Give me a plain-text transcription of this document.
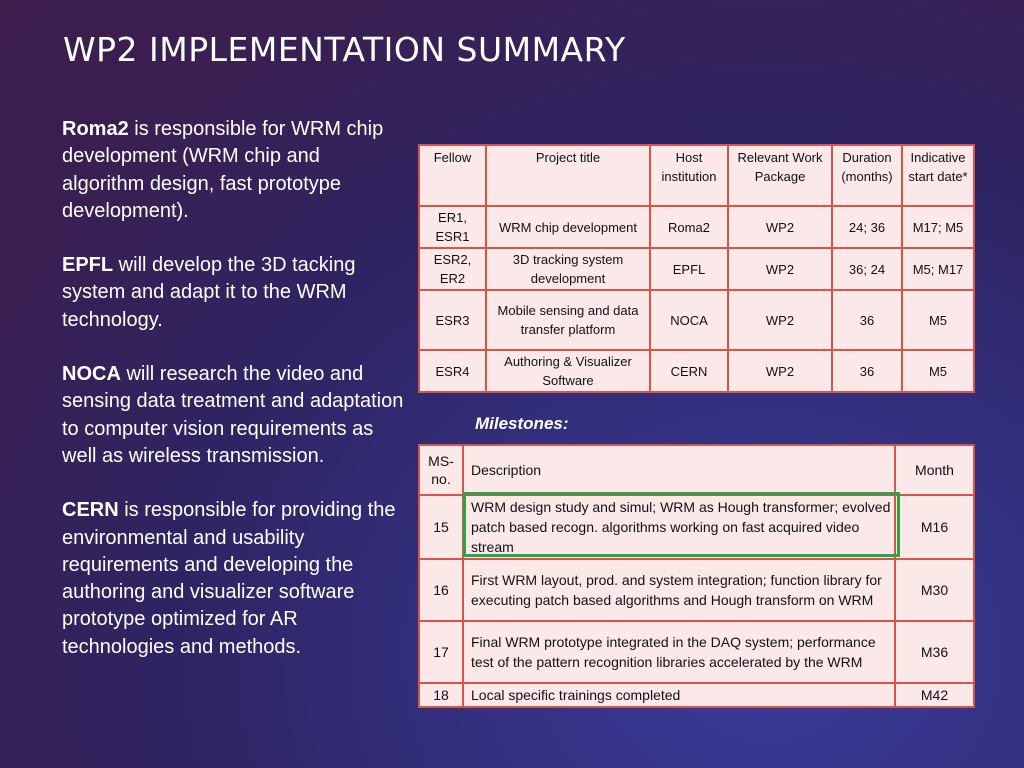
WP2 IMPLEMENTATION SUMMARY

Roma2 is responsible for WRM chip development (WRM chip and algorithm design, fast prototype development).

EPFL will develop the 3D tacking system and adapt it to the WRM technology.

NOCA will research the video and sensing data treatment and adaptation to computer vision requirements as well as wireless transmission.

CERN is responsible for providing the environmental and usability requirements and developing the authoring and visualizer software prototype optimized for AR technologies and methods.

Fellow	Project title	Host institution	Relevant Work Package	Duration (months)	Indicative start date*
ER1, ESR1	WRM chip development	Roma2	WP2	24; 36	M17; M5
ESR2, ER2	3D tracking system development	EPFL	WP2	36; 24	M5; M17
ESR3	Mobile sensing and data transfer platform	NOCA	WP2	36	M5
ESR4	Authoring & Visualizer Software	CERN	WP2	36	M5
Milestones:
MS-no.	Description	Month
15	WRM design study and simul; WRM as Hough transformer; evolved patch based recogn. algorithms working on fast acquired video stream	M16
16	First WRM layout, prod. and system integration; function library for executing patch based algorithms and Hough transform on WRM	M30
17	Final WRM prototype integrated in the DAQ system; performance test of the pattern recognition libraries accelerated by the WRM	M36
18	Local specific trainings completed	M42
